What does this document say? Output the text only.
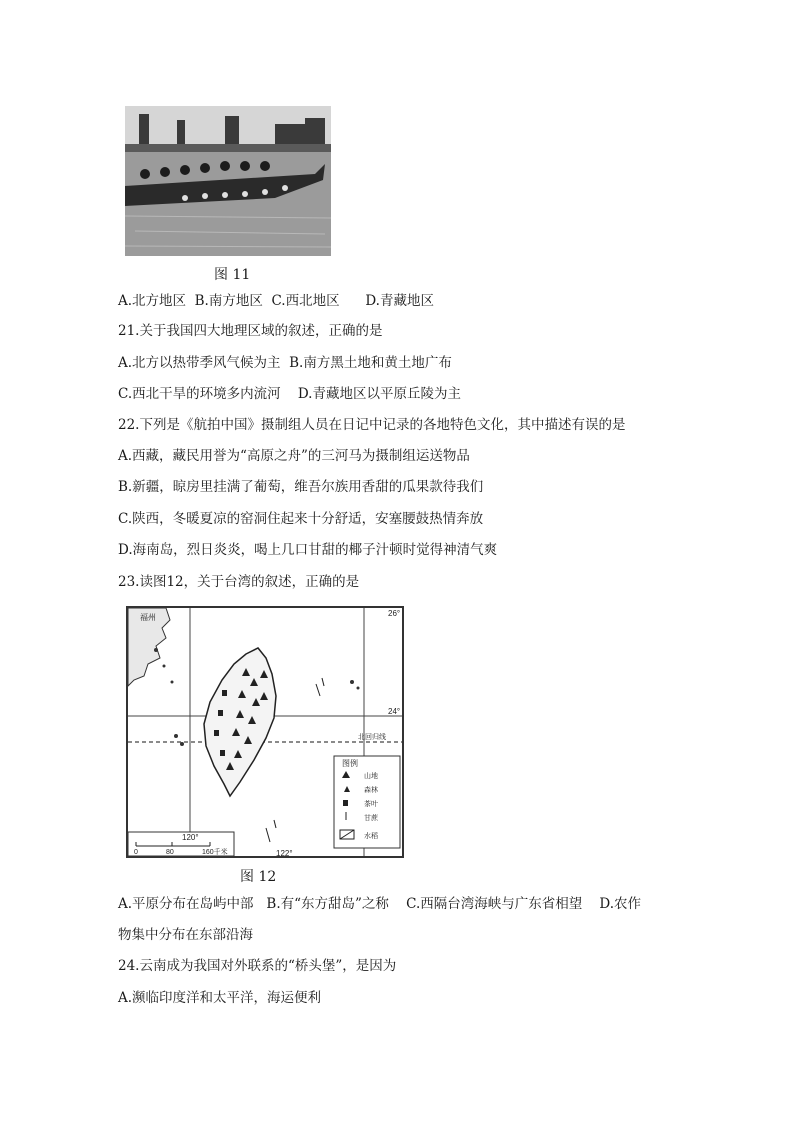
图 11
A.北方地区 B.南方地区 C.西北地区 D.青藏地区
21.关于我国四大地理区域的叙述，正确的是
A.北方以热带季风气候为主 B.南方黑土地和黄土地广布
C.西北干旱的环境多内流河 D.青藏地区以平原丘陵为主
22.下列是《航拍中国》摄制组人员在日记中记录的各地特色文化，其中描述有误的是
A.西藏，藏民用誉为“高原之舟”的三河马为摄制组运送物品
B.新疆，晾房里挂满了葡萄，维吾尔族用香甜的瓜果款待我们
C.陕西，冬暖夏凉的窑洞住起来十分舒适，安塞腰鼓热情奔放
D.海南岛，烈日炎炎，喝上几口甘甜的椰子汁顿时觉得神清气爽
23.读图12，关于台湾的叙述，正确的是
26°
24°
北回归线
福州
图例
山地
森林
茶叶
甘蔗
水稻
0	80	160千米
120°
122°
图 12
A.平原分布在岛屿中部 B.有“东方甜岛”之称 C.西隔台湾海峡与广东省相望 D.农作
物集中分布在东部沿海
24.云南成为我国对外联系的“桥头堡”，是因为
A.濒临印度洋和太平洋，海运便利
